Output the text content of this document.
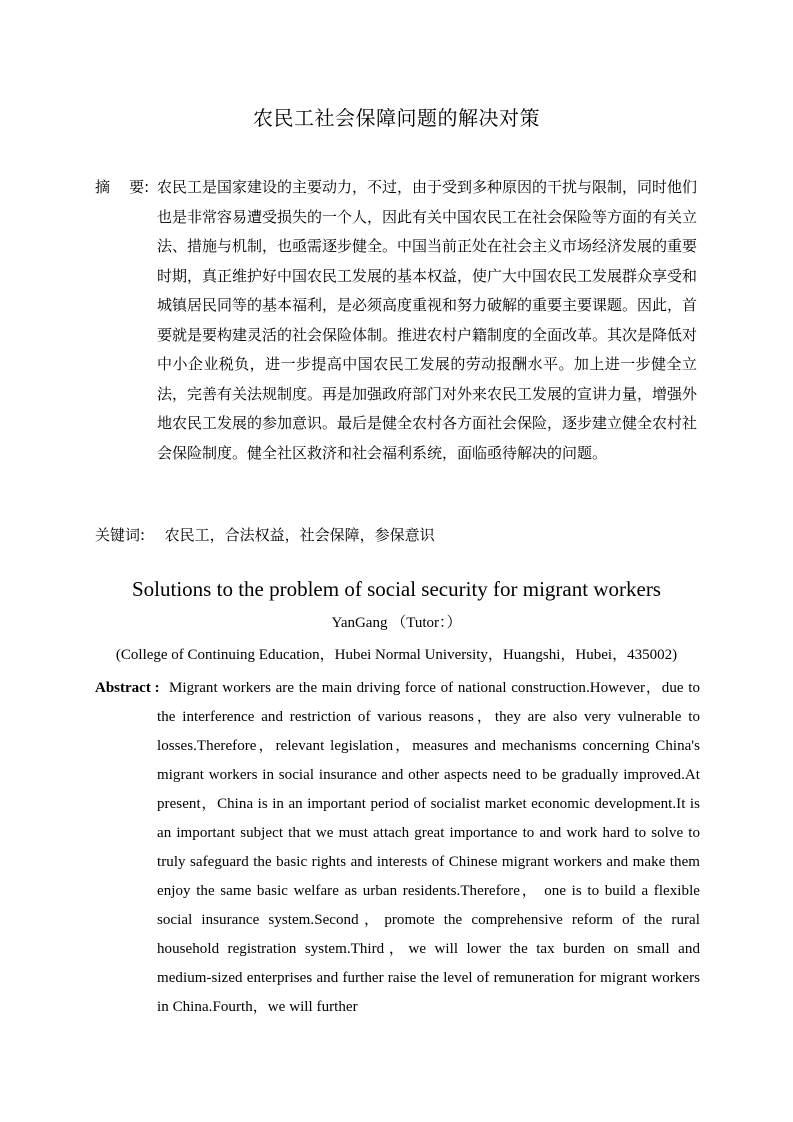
农民工社会保障问题的解决对策
摘    要: 农民工是国家建设的主要动力，不过，由于受到多种原因的干扰与限制，同时他们也是非常容易遭受损失的一个人，因此有关中国农民工在社会保险等方面的有关立法、措施与机制，也亟需逐步健全。中国当前正处在社会主义市场经济发展的重要时期，真正维护好中国农民工发展的基本权益，使广大中国农民工发展群众享受和城镇居民同等的基本福利，是必须高度重视和努力破解的重要主要课题。因此，首要就是要构建灵活的社会保险体制。推进农村户籍制度的全面改革。其次是降低对中小企业税负，进一步提高中国农民工发展的劳动报酬水平。加上进一步健全立法，完善有关法规制度。再是加强政府部门对外来农民工发展的宣讲力量，增强外地农民工发展的参加意识。最后是健全农村各方面社会保险，逐步建立健全农村社会保险制度。健全社区救济和社会福利系统，面临亟待解决的问题。
关键词: 农民工，合法权益，社会保障，参保意识
Solutions to the problem of social security for migrant workers
YanGang （Tutor：）
(College of Continuing Education，Hubei Normal University，Huangshi，Hubei，435002)
Abstract : Migrant workers are the main driving force of national construction.However，due to the interference and restriction of various reasons，they are also very vulnerable to losses.Therefore，relevant legislation，measures and mechanisms concerning China's migrant workers in social insurance and other aspects need to be gradually improved.At present，China is in an important period of socialist market economic development.It is an important subject that we must attach great importance to and work hard to solve to truly safeguard the basic rights and interests of Chinese migrant workers and make them enjoy the same basic welfare as urban residents.Therefore， one is to build a flexible social insurance system.Second，promote the comprehensive reform of the rural household registration system.Third，we will lower the tax burden on small and medium-sized enterprises and further raise the level of remuneration for migrant workers in China.Fourth，we will further
